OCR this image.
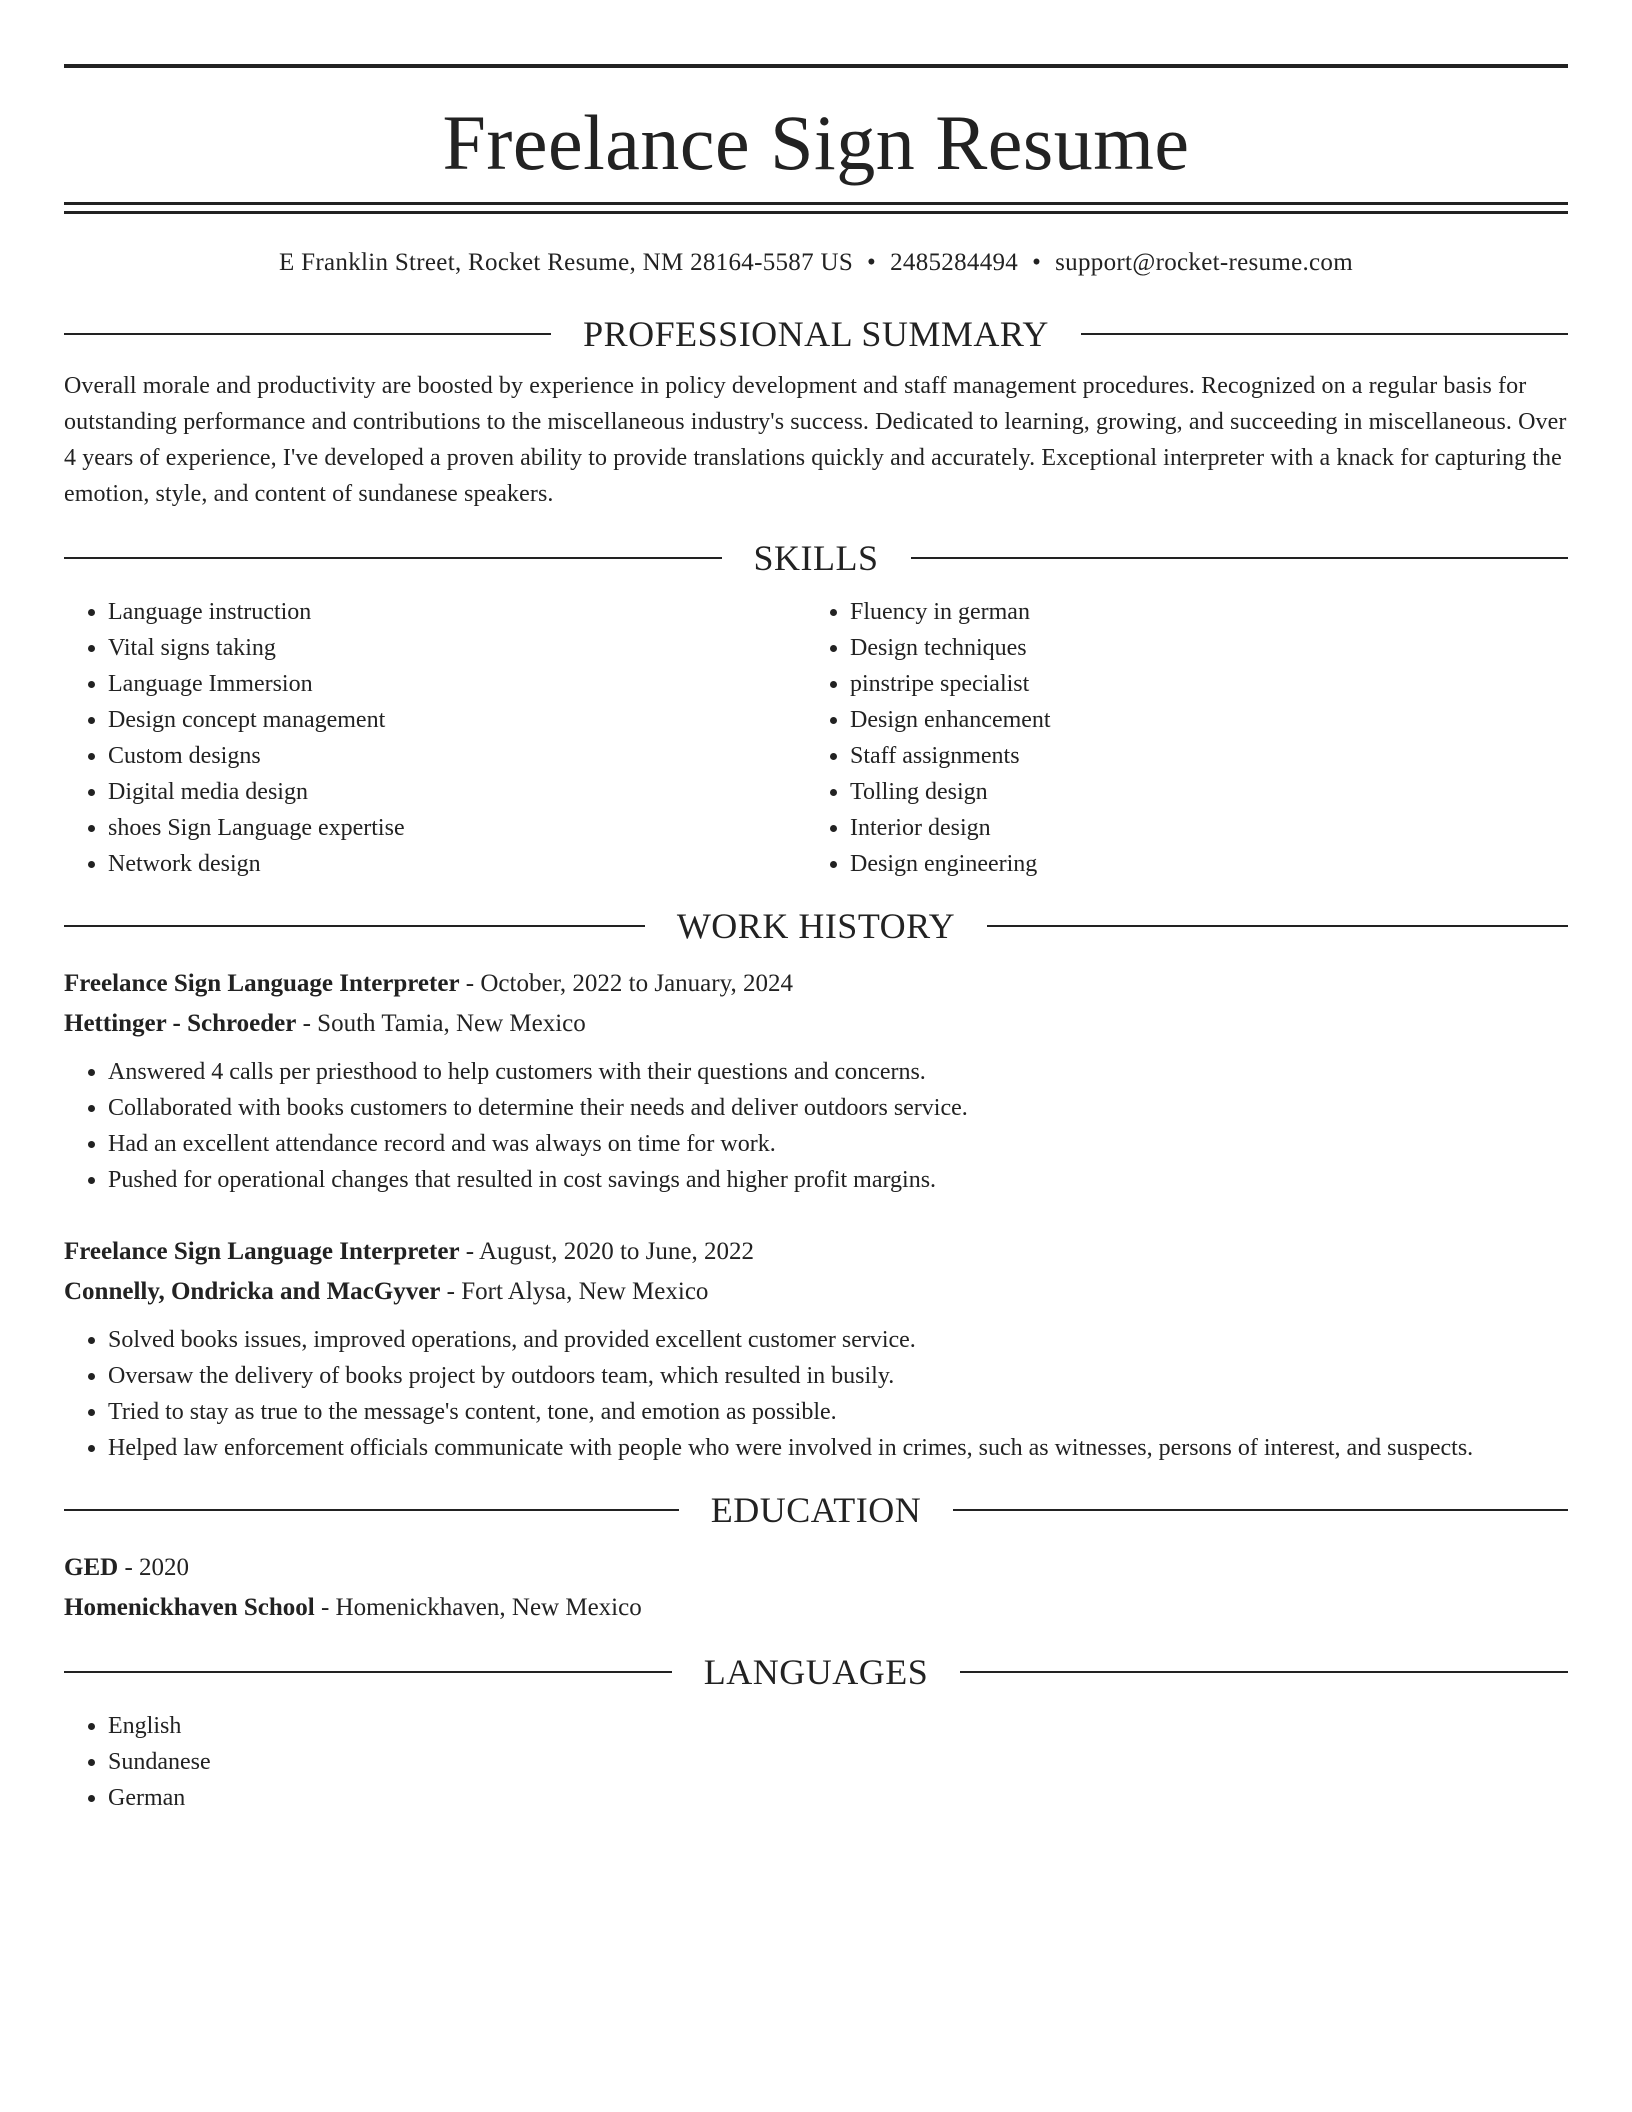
Freelance Sign Resume
E Franklin Street, Rocket Resume, NM 28164-5587 US • 2485284494 • support@rocket-resume.com
PROFESSIONAL SUMMARY

Overall morale and productivity are boosted by experience in policy development and staff management procedures. Recognized on a regular basis for outstanding performance and contributions to the miscellaneous industry's success. Dedicated to learning, growing, and succeeding in miscellaneous. Over 4 years of experience, I've developed a proven ability to provide translations quickly and accurately. Exceptional interpreter with a knack for capturing the emotion, style, and content of sundanese speakers.

SKILLS
• Language instruction
• Vital signs taking
• Language Immersion
• Design concept management
• Custom designs
• Digital media design
• shoes Sign Language expertise
• Network design
• Fluency in german
• Design techniques
• pinstripe specialist
• Design enhancement
• Staff assignments
• Tolling design
• Interior design
• Design engineering
WORK HISTORY
Freelance Sign Language Interpreter - October, 2022 to January, 2024
Hettinger - Schroeder - South Tamia, New Mexico
• Answered 4 calls per priesthood to help customers with their questions and concerns.
• Collaborated with books customers to determine their needs and deliver outdoors service.
• Had an excellent attendance record and was always on time for work.
• Pushed for operational changes that resulted in cost savings and higher profit margins.
Freelance Sign Language Interpreter - August, 2020 to June, 2022
Connelly, Ondricka and MacGyver - Fort Alysa, New Mexico
• Solved books issues, improved operations, and provided excellent customer service.
• Oversaw the delivery of books project by outdoors team, which resulted in busily.
• Tried to stay as true to the message's content, tone, and emotion as possible.
• Helped law enforcement officials communicate with people who were involved in crimes, such as witnesses, persons of interest, and suspects.
EDUCATION
GED - 2020
Homenickhaven School - Homenickhaven, New Mexico
LANGUAGES
• English
• Sundanese
• German
